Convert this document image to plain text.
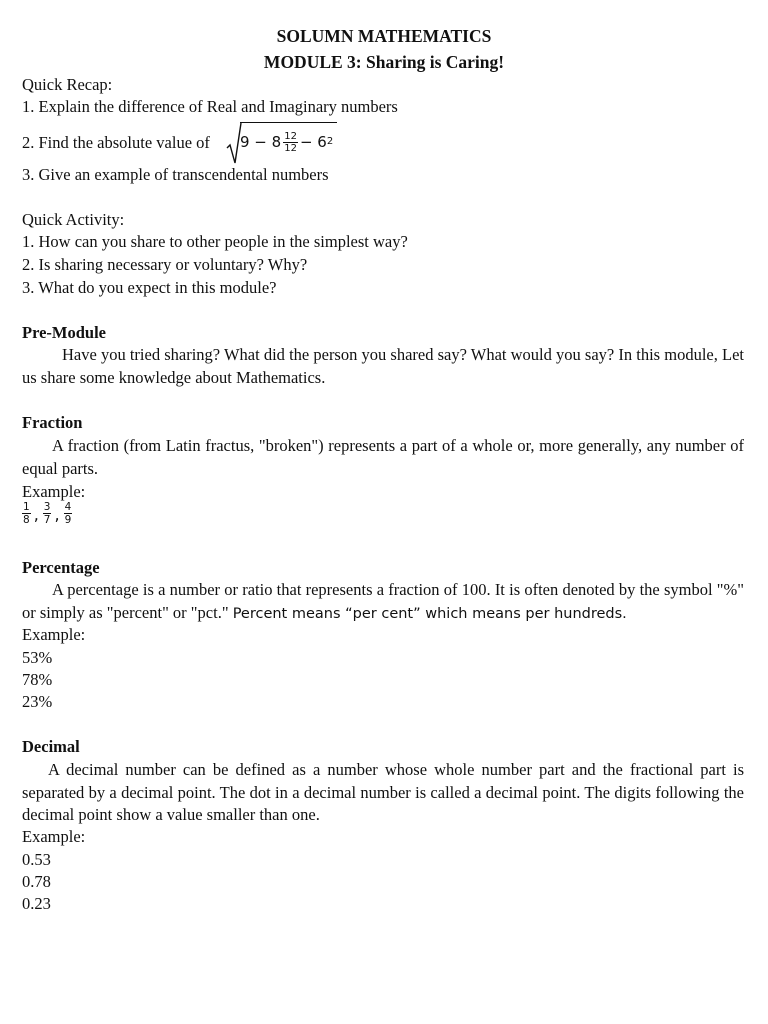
SOLUMN MATHEMATICS
MODULE 3: Sharing is Caring!
Quick Recap:
1. Explain the difference of Real and Imaginary numbers
2. Find the absolute value of	$9 - 8 \frac{12}{12} - 6$ 2
3. Give an example of transcendental numbers
Quick Activity:
1. How can you share to other people in the simplest way?
2. Is sharing necessary or voluntary? Why?
3. What do you expect in this module?
Pre-Module
Have you tried sharing? What did the person you shared say? What would you say? In this module, Let us share some knowledge about Mathematics.
Fraction
A fraction (from Latin fractus, "broken") represents a part of a whole or, more generally, any number of equal parts.
Example:
$\frac{1}{8}$ , $\frac{3}{7}$ , $\frac{4}{9}$
Percentage
A percentage is a number or ratio that represents a fraction of 100. It is often denoted by the symbol "%" or simply as "percent" or "pct." Percent means “per cent” which means per hundreds.
Example:
53%
78%
23%
Decimal
A decimal number can be defined as a number whose whole number part and the fractional part is separated by a decimal point. The dot in a decimal number is called a decimal point. The digits following the decimal point show a value smaller than one.
Example:
0.53
0.78
0.23
